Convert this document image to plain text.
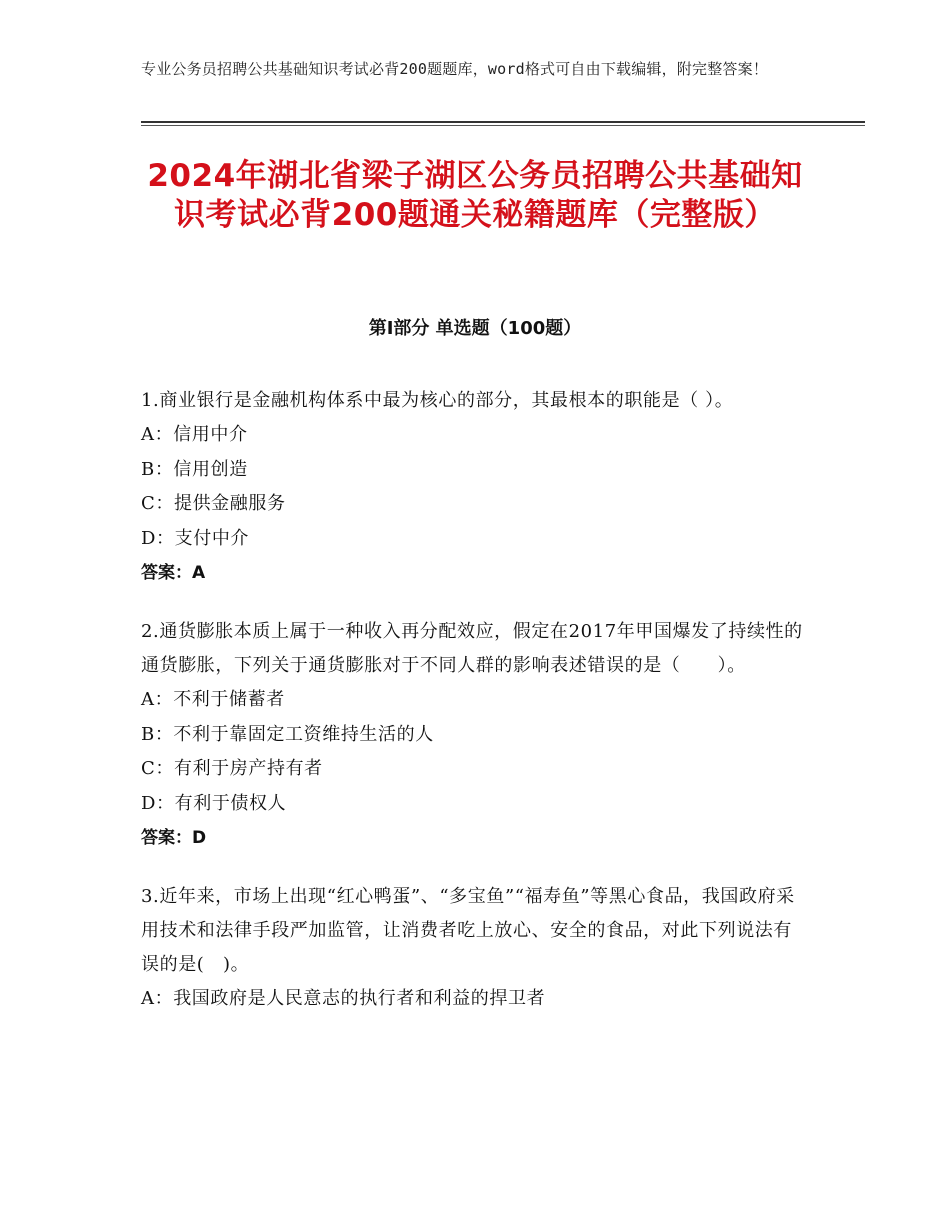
专业公务员招聘公共基础知识考试必背200题题库，word格式可自由下载编辑，附完整答案！
2024年湖北省梁子湖区公务员招聘公共基础知识考试必背200题通关秘籍题库（完整版）
第Ⅰ部分 单选题（100题）

1.商业银行是金融机构体系中最为核心的部分，其最根本的职能是（ ）。

A：信用中介

B：信用创造

C：提供金融服务

D：支付中介

答案：A

2.通货膨胀本质上属于一种收入再分配效应，假定在2017年甲国爆发了持续性的通货膨胀，下列关于通货膨胀对于不同人群的影响表述错误的是（　　）。

A：不利于储蓄者

B：不利于靠固定工资维持生活的人

C：有利于房产持有者

D：有利于债权人

答案：D

3.近年来，市场上出现“红心鸭蛋”、“多宝鱼”“福寿鱼”等黑心食品，我国政府采用技术和法律手段严加监管，让消费者吃上放心、安全的食品，对此下列说法有误的是(　)。

A：我国政府是人民意志的执行者和利益的捍卫者
